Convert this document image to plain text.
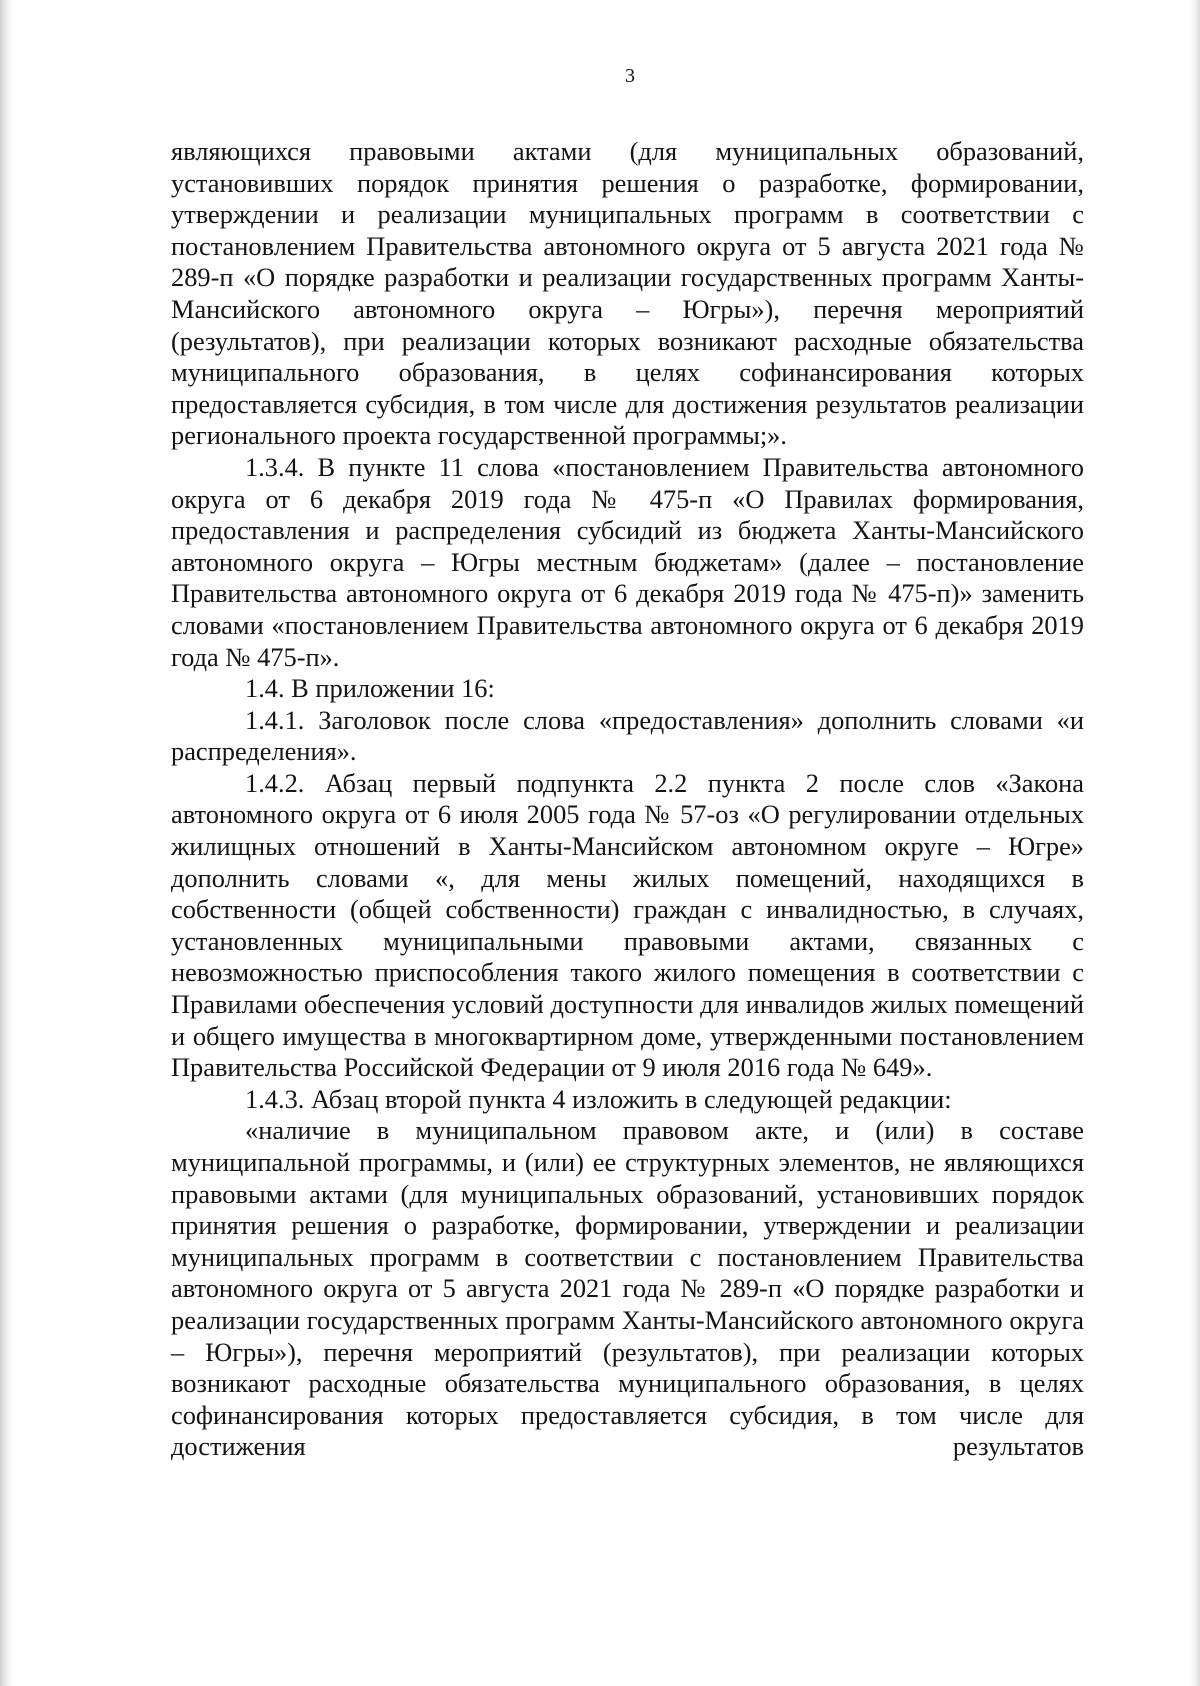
3

являющихся правовыми актами (для муниципальных образований, установивших порядок принятия решения о разработке, формировании, утверждении и реализации муниципальных программ в соответствии с постановлением Правительства автономного округа от 5 августа 2021 года № 289-п «О порядке разработки и реализации государственных программ Ханты-Мансийского автономного округа – Югры»), перечня мероприятий (результатов), при реализации которых возникают расходные обязательства муниципального образования, в целях софинансирования которых предоставляется субсидия, в том числе для достижения результатов реализации регионального проекта государственной программы;».

1.3.4. В пункте 11 слова «постановлением Правительства автономного округа от 6 декабря 2019 года № 475-п «О Правилах формирования, предоставления и распределения субсидий из бюджета Ханты-Мансийского автономного округа – Югры местным бюджетам» (далее – постановление Правительства автономного округа от 6 декабря 2019 года № 475-п)» заменить словами «постановлением Правительства автономного округа от 6 декабря 2019 года № 475-п».

1.4. В приложении 16:

1.4.1. Заголовок после слова «предоставления» дополнить словами «и распределения».

1.4.2. Абзац первый подпункта 2.2 пункта 2 после слов «Закона автономного округа от 6 июля 2005 года № 57-оз «О регулировании отдельных жилищных отношений в Ханты-Мансийском автономном округе – Югре» дополнить словами «, для мены жилых помещений, находящихся в собственности (общей собственности) граждан с инвалидностью, в случаях, установленных муниципальными правовыми актами, связанных с невозможностью приспособления такого жилого помещения в соответствии с Правилами обеспечения условий доступности для инвалидов жилых помещений и общего имущества в многоквартирном доме, утвержденными постановлением Правительства Российской Федерации от 9 июля 2016 года № 649».

1.4.3. Абзац второй пункта 4 изложить в следующей редакции:

«наличие в муниципальном правовом акте, и (или) в составе муниципальной программы, и (или) ее структурных элементов, не являющихся правовыми актами (для муниципальных образований, установивших порядок принятия решения о разработке, формировании, утверждении и реализации муниципальных программ в соответствии с постановлением Правительства автономного округа от 5 августа 2021 года № 289-п «О порядке разработки и реализации государственных программ Ханты-Мансийского автономного округа – Югры»), перечня мероприятий (результатов), при реализации которых возникают расходные обязательства муниципального образования, в целях софинансирования которых предоставляется субсидия, в том числе для достижения результатов
